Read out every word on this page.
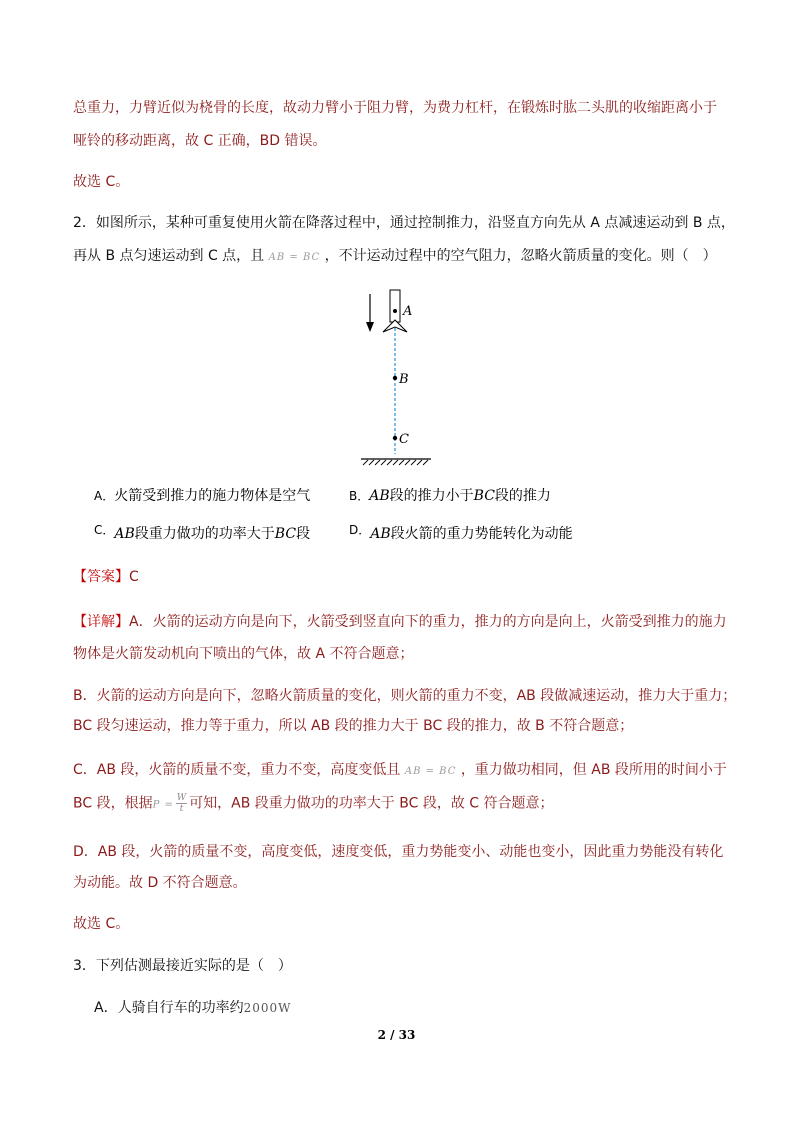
总重力，力臂近似为桡骨的长度，故动力臂小于阻力臂，为费力杠杆，在锻炼时肱二头肌的收缩距离小于
哑铃的移动距离，故 C 正确，BD 错误。
故选 C。
2．如图所示，某种可重复使用火箭在降落过程中，通过控制推力，沿竖直方向先从 A 点减速运动到 B 点，
再从 B 点匀速运动到 C 点，且 AB = BC ，不计运动过程中的空气阻力，忽略火箭质量的变化。则（　）
A
B
C
A．火箭受到推力的施力物体是空气	B．AB段的推力小于BC段的推力
C．AB段重力做功的功率大于BC段	D．AB段火箭的重力势能转化为动能
【答案】C
【详解】A．火箭的运动方向是向下，火箭受到竖直向下的重力，推力的方向是向上，火箭受到推力的施力
物体是火箭发动机向下喷出的气体，故 A 不符合题意；
B．火箭的运动方向是向下，忽略火箭质量的变化，则火箭的重力不变，AB 段做减速运动，推力大于重力；
BC 段匀速运动，推力等于重力，所以 AB 段的推力大于 BC 段的推力，故 B 不符合题意；
C．AB 段，火箭的质量不变，重力不变，高度变低且 AB = BC ，重力做功相同，但 AB 段所用的时间小于
BC 段，根据$P = \frac{W}{t}$ 可知，AB 段重力做功的功率大于 BC 段，故 C 符合题意；
D．AB 段，火箭的质量不变，高度变低，速度变低，重力势能变小、动能也变小，因此重力势能没有转化
为动能。故 D 不符合题意。
故选 C。
3．下列估测最接近实际的是（　）
A．人骑自行车的功率约2000W
2 / 33
